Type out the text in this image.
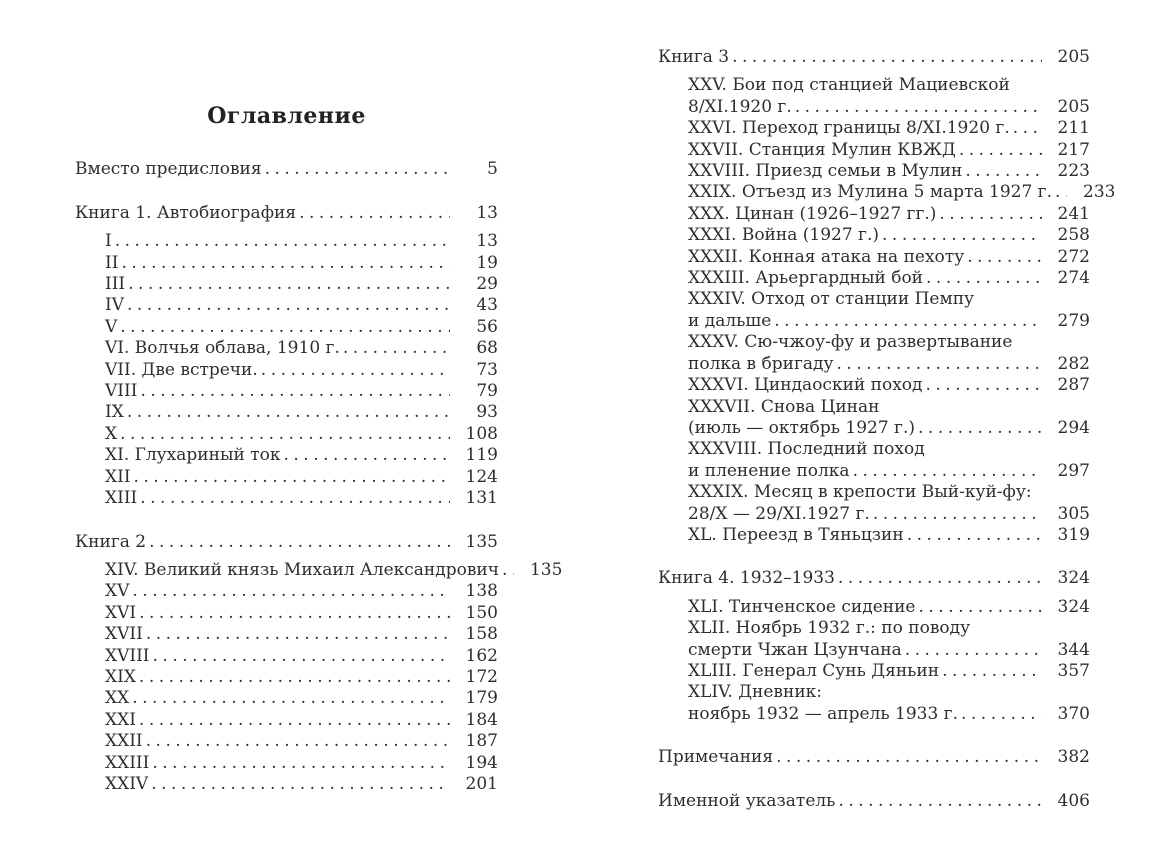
Оглавление
Вместо предисловия .....	5
Книга 1. Автобиография .....	13
I .....	13
II .....	19
III .....	29
IV .....	43
V .....	56
VI. Волчья облава, 1910 г. .....	68
VII. Две встречи. .....	73
VIII .....	79
IX .....	93
X .....	108
XI. Глухариный ток .....	119
XII .....	124
XIII .....	131
Книга 2 .....	135
XIV. Великий князь Михаил Александрович ..... 135
XV .....	138
XVI .....	150
XVII .....	158
XVIII .....	162
XIX .....	172
XX .....	179
XXI .....	184
XXII .....	187
XXIII .....	194
XXIV .....	201
Книга 3 .....	205
XXV. Бои под станцией Мациевской
8/XI.1920 г. .....	205
XXVI. Переход границы 8/XI.1920 г. .....	211
XXVII. Станция Мулин КВЖД .....	217
XXVIII. Приезд семьи в Мулин .....	223
XXIX. Отъезд из Мулина 5 марта 1927 г. ..... 233
XXX. Цинан (1926–1927 гг.) .....	241
XXXI. Война (1927 г.) .....	258
XXXII. Конная атака на пехоту .....	272
XXXIII. Арьергардный бой .....	274
XXXIV. Отход от станции Пемпу
и дальше .....	279
XXXV. Сю-чжоу-фу и развертывание
полка в бригаду .....	282
XXXVI. Циндаоский поход .....	287
XXXVII. Снова Цинан
(июль — октябрь 1927 г.) .....	294
XXXVIII. Последний поход
и пленение полка .....	297
XXXIX. Месяц в крепости Вый-куй-фу:
28/X — 29/XI.1927 г. .....	305
XL. Переезд в Тяньцзин .....	319
Книга 4. 1932–1933 .....	324
XLI. Тинченское сидение .....	324
XLII. Ноябрь 1932 г.: по поводу
смерти Чжан Цзунчана .....	344
XLIII. Генерал Сунь Дяньин .....	357
XLIV. Дневник:
ноябрь 1932 — апрель 1933 г. .....	370
Примечания .....	382
Именной указатель .....	406
